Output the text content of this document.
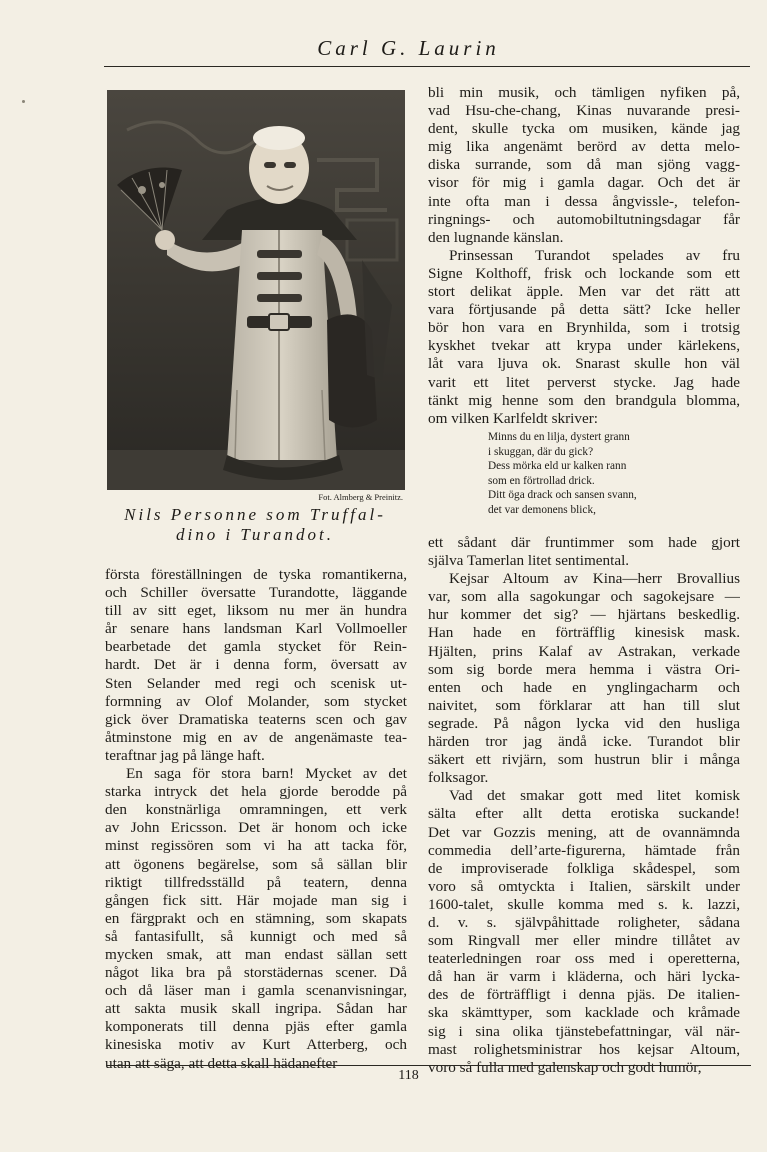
Carl G. Laurin
Fot. Almberg & Preinitz.
Nils Personne som Truffal-
dino i Turandot.
första föreställningen de tyska romantikerna,
och Schiller översatte Turandotte, läggande
till av sitt eget, liksom nu mer än hundra
år senare hans landsman Karl Vollmoeller
bearbetade det gamla stycket för Rein-
hardt. Det är i denna form, översatt av
Sten Selander med regi och scenisk ut-
formning av Olof Molander, som stycket
gick över Dramatiska teaterns scen och gav
åtminstone mig en av de angenämaste tea-
teraftnar jag på länge haft.
En saga för stora barn! Mycket av det
starka intryck det hela gjorde berodde på
den konstnärliga omramningen, ett verk
av John Ericsson. Det är honom och icke
minst regissören som vi ha att tacka för,
att ögonens begärelse, som så sällan blir
riktigt tillfredsställd på teatern, denna
gången fick sitt. Här mojade man sig i
en färgprakt och en stämning, som skapats
så fantasifullt, så kunnigt och med så
mycken smak, att man endast sällan sett
något lika bra på storstädernas scener. Då
och då läser man i gamla scenanvisningar,
att sakta musik skall ingripa. Sådan har
komponerats till denna pjäs efter gamla
kinesiska motiv av Kurt Atterberg, och
utan att säga, att detta skall hädanefter
bli min musik, och tämligen nyfiken på,
vad Hsu-che-chang, Kinas nuvarande presi-
dent, skulle tycka om musiken, kände jag
mig lika angenämt berörd av detta melo-
diska surrande, som då man sjöng vagg-
visor för mig i gamla dagar. Och det är
inte ofta man i dessa ångvissle-, telefon-
ringnings- och automobiltutningsdagar får
den lugnande känslan.
Prinsessan Turandot spelades av fru
Signe Kolthoff, frisk och lockande som ett
stort delikat äpple. Men var det rätt att
vara förtjusande på detta sätt? Icke heller
bör hon vara en Brynhilda, som i trotsig
kyskhet tvekar att krypa under kärlekens,
låt vara ljuva ok. Snarast skulle hon väl
varit ett litet perverst stycke. Jag hade
tänkt mig henne som den brandgula blomma,
om vilken Karlfeldt skriver:
Minns du en lilja, dystert grann
i skuggan, där du gick?
Dess mörka eld ur kalken rann
som en förtrollad drick.
Ditt öga drack och sansen svann,
det var demonens blick,
ett sådant där fruntimmer som hade gjort
själva Tamerlan litet sentimental.
Kejsar Altoum av Kina—herr Brovallius
var, som alla sagokungar och sagokejsare —
hur kommer det sig? — hjärtans beskedlig.
Han hade en förträfflig kinesisk mask.
Hjälten, prins Kalaf av Astrakan, verkade
som sig borde mera hemma i västra Ori-
enten och hade en ynglingacharm och
naivitet, som förklarar att han till slut
segrade. På någon lycka vid den husliga
härden tror jag ändå icke. Turandot blir
säkert ett rivjärn, som hustrun blir i många
folksagor.
Vad det smakar gott med litet komisk
sälta efter allt detta erotiska suckande!
Det var Gozzis mening, att de ovannämnda
commedia dell’arte-figurerna, hämtade från
de improviserade folkliga skådespel, som
voro så omtyckta i Italien, särskilt under
1600-talet, skulle komma med s. k. lazzi,
d. v. s. självpåhittade roligheter, sådana
som Ringvall mer eller mindre tillåtet av
teaterledningen roar oss med i operetterna,
då han är varm i kläderna, och häri lycka-
des de förträffligt i denna pjäs. De italien-
ska skämttyper, som kacklade och kråmade
sig i sina olika tjänstebefattningar, väl när-
mast rolighetsministrar hos kejsar Altoum,
voro så fulla med galenskap och godt humör,
118
